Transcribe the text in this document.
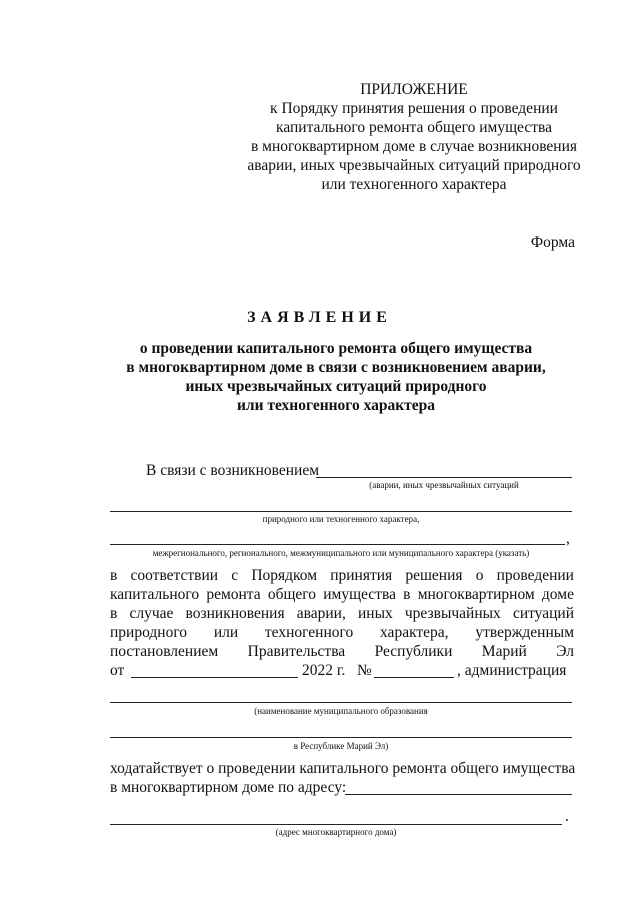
ПРИЛОЖЕНИЕ
к Порядку принятия решения о проведении
капитального ремонта общего имущества
в многоквартирном доме в случае возникновения
аварии, иных чрезвычайных ситуаций природного
или техногенного характера
Форма
ЗАЯВЛЕНИЕ
о проведении капитального ремонта общего имущества
в многоквартирном доме в связи с возникновением аварии,
иных чрезвычайных ситуаций природного
или техногенного характера
В связи с возникновением
(аварии, иных чрезвычайных ситуаций
природного или техногенного характера,
,
межрегионального, регионального, межмуниципального или муниципального характера (указать)
в соответствии с Порядком принятия решения о проведении
капитального ремонта общего имущества в многоквартирном доме
в случае возникновения аварии, иных чрезвычайных ситуаций
природного или техногенного характера, утвержденным
постановлением Правительства Республики Марий Эл
от	2022 г. №	, администрация
(наименование муниципального образования
в Республике Марий Эл)
ходатайствует о проведении капитального ремонта общего имущества
в многоквартирном доме по адресу:
.
(адрес многоквартирного дома)
